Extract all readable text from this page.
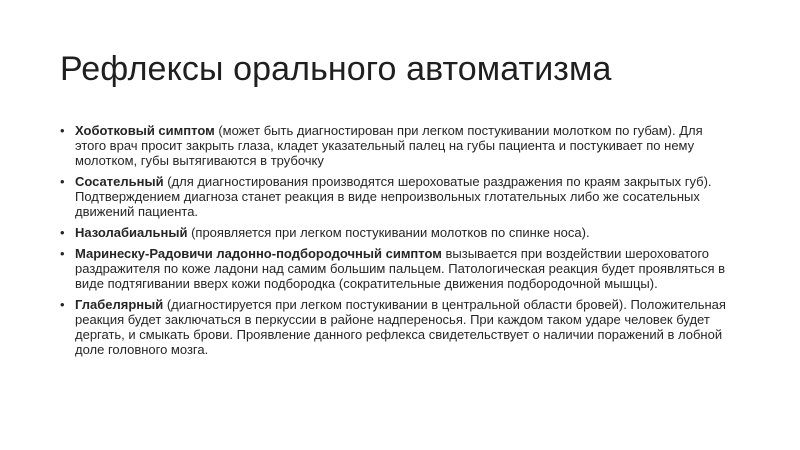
Рефлексы орального автоматизма
• Хоботковый симптом (может быть диагностирован при легком постукивании молотком по губам). Для этого врач просит закрыть глаза, кладет указательный палец на губы пациента и постукивает по нему молотком, губы вытягиваются в трубочку
• Сосательный (для диагностирования производятся шероховатые раздражения по краям закрытых губ). Подтверждением диагноза станет реакция в виде непроизвольных глотательных либо же сосательных движений пациента.
• Назолабиальный (проявляется при легком постукивании молотков по спинке носа).
• Маринеску-Радовичи ладонно-подбородочный симптом вызывается при воздействии шероховатого раздражителя по коже ладони над самим большим пальцем. Патологическая реакция будет проявляться в виде подтягивании вверх кожи подбородка (сократительные движения подбородочной мышцы).
• Глабелярный (диагностируется при легком постукивании в центральной области бровей). Положительная реакция будет заключаться в перкуссии в районе надпереносья. При каждом таком ударе человек будет дергать, и смыкать брови. Проявление данного рефлекса свидетельствует о наличии поражений в лобной доле головного мозга.
